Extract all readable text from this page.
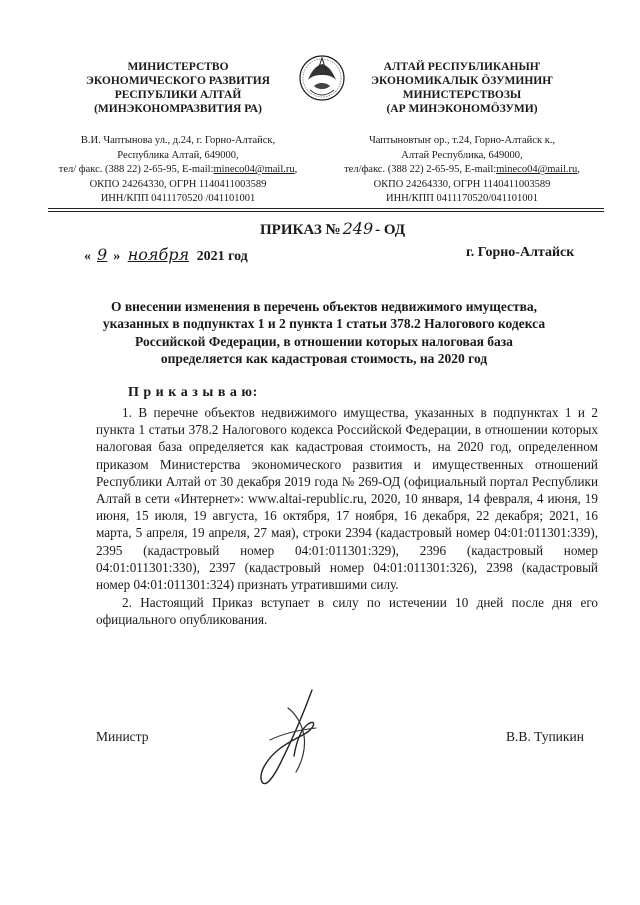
МИНИСТЕРСТВО
ЭКОНОМИЧЕСКОГО РАЗВИТИЯ
РЕСПУБЛИКИ АЛТАЙ
(МИНЭКОНОМРАЗВИТИЯ РА)
В.И. Чаптынова ул., д.24, г. Горно-Алтайск,
Республика Алтай, 649000,
тел/ факс. (388 22) 2-65-95, E-mail:mineco04@mail.ru,
ОКПО 24264330, ОГРН 1140411003589
ИНН/КПП 0411170520 /041101001
АЛТАЙ РЕСПУБЛИКАНЫҤ
ЭКОНОМИКАЛЫК ÖЗУМИНИҤ
МИНИСТЕРСТВОЗЫ
(АР МИНЭКОНОМÖЗУМИ)
Чаптыновтыҥ ор., т.24, Горно-Алтайск к.,
Алтай Республика, 649000,
тел/факс. (388 22) 2-65-95, E-mail:mineco04@mail.ru,
ОКПО 24264330, ОГРН 1140411003589
ИНН/КПП 0411170520/041101001
ПРИКАЗ № 249 - ОД
« 9 » ноября 2021 год	г. Горно-Алтайск
О внесении изменения в перечень объектов недвижимого имущества,
указанных в подпунктах 1 и 2 пункта 1 статьи 378.2 Налогового кодекса
Российской Федерации, в отношении которых налоговая база
определяется как кадастровая стоимость, на 2020 год
П р и к а з ы в а ю:

1. В перечне объектов недвижимого имущества, указанных в подпунктах 1 и 2 пункта 1 статьи 378.2 Налогового кодекса Российской Федерации, в отношении которых налоговая база определяется как кадастровая стоимость, на 2020 год, определенном приказом Министерства экономического развития и имущественных отношений Республики Алтай от 30 декабря 2019 года № 269-ОД (официальный портал Республики Алтай в сети «Интернет»: www.altai-republic.ru, 2020, 10 января, 14 февраля, 4 июня, 19 июня, 15 июля, 19 августа, 16 октября, 17 ноября, 16 декабря, 22 декабря; 2021, 16 марта, 5 апреля, 19 апреля, 27 мая), строки 2394 (кадастровый номер 04:01:011301:339), 2395 (кадастровый номер 04:01:011301:329), 2396 (кадастровый номер 04:01:011301:330), 2397 (кадастровый номер 04:01:011301:326), 2398 (кадастровый номер 04:01:011301:324) признать утратившими силу.

2. Настоящий Приказ вступает в силу по истечении 10 дней после дня его официального опубликования.

Министр	В.В. Тупикин
